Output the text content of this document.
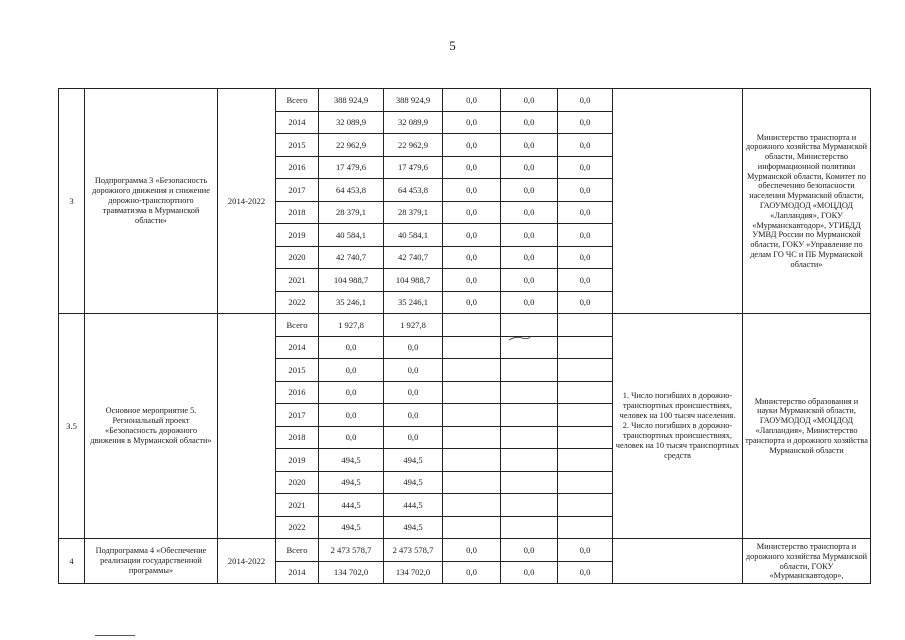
5
3
Подпрограмма 3 «Безопасность дорожного движения и снижение дорожно-транспортного травматизма в Мурманской области»
2014-2022
Всего	388 924,9	388 924,9	0,0	0,0	0,0
2014	32 089,9	32 089,9	0,0	0,0	0,0
2015	22 962,9	22 962,9	0,0	0,0	0,0
2016	17 479,6	17 479,6	0,0	0,0	0,0
2017	64 453,8	64 453,8	0,0	0,0	0,0
2018	28 379,1	28 379,1	0,0	0,0	0,0
2019	40 584,1	40 584,1	0,0	0,0	0,0
2020	42 740,7	42 740,7	0,0	0,0	0,0
2021	104 988,7	104 988,7	0,0	0,0	0,0
2022	35 246,1	35 246,1	0,0	0,0	0,0
Министерство транспорта и дорожного хозяйства Мурманской области, Министерство информационной политики Мурманской области, Комитет по обеспечению безопасности населения Мурманской области, ГАОУМОДОД «МОЦДОД «Лапландия», ГОКУ «Мурманскавтодор», УГИБДД УМВД России по Мурманской области, ГОКУ «Управление по делам ГО ЧС и ПБ Мурманской области»
3.5
Основное мероприятие 5. Региональный проект «Безопасность дорожного движения в Мурманской области»
Всего	1 927,8	1 927,8
2014	0,0	0,0
2015	0,0	0,0
2016	0,0	0,0
2017	0,0	0,0
2018	0,0	0,0
2019	494,5	494,5
2020	494,5	494,5
2021	444,5	444,5
2022	494,5	494,5
1. Число погибших в дорожно-транспортных происшествиях, человек на 100 тысяч населения.
2. Число погибших в дорожно-транспортных происшествиях, человек на 10 тысяч транспортных средств
Министерство образования и науки Мурманской области, ГАОУМОДОД «МОЦДОД «Лапландия», Министерство транспорта и дорожного хозяйства Мурманской области
4
Подпрограмма 4 «Обеспечение реализации государственной программы»
2014-2022
Всего	2 473 578,7	2 473 578,7	0,0	0,0	0,0
2014	134 702,0	134 702,0	0,0	0,0	0,0
Министерство транспорта и дорожного хозяйства Мурманской области, ГОКУ «Мурманскавтодор»,
